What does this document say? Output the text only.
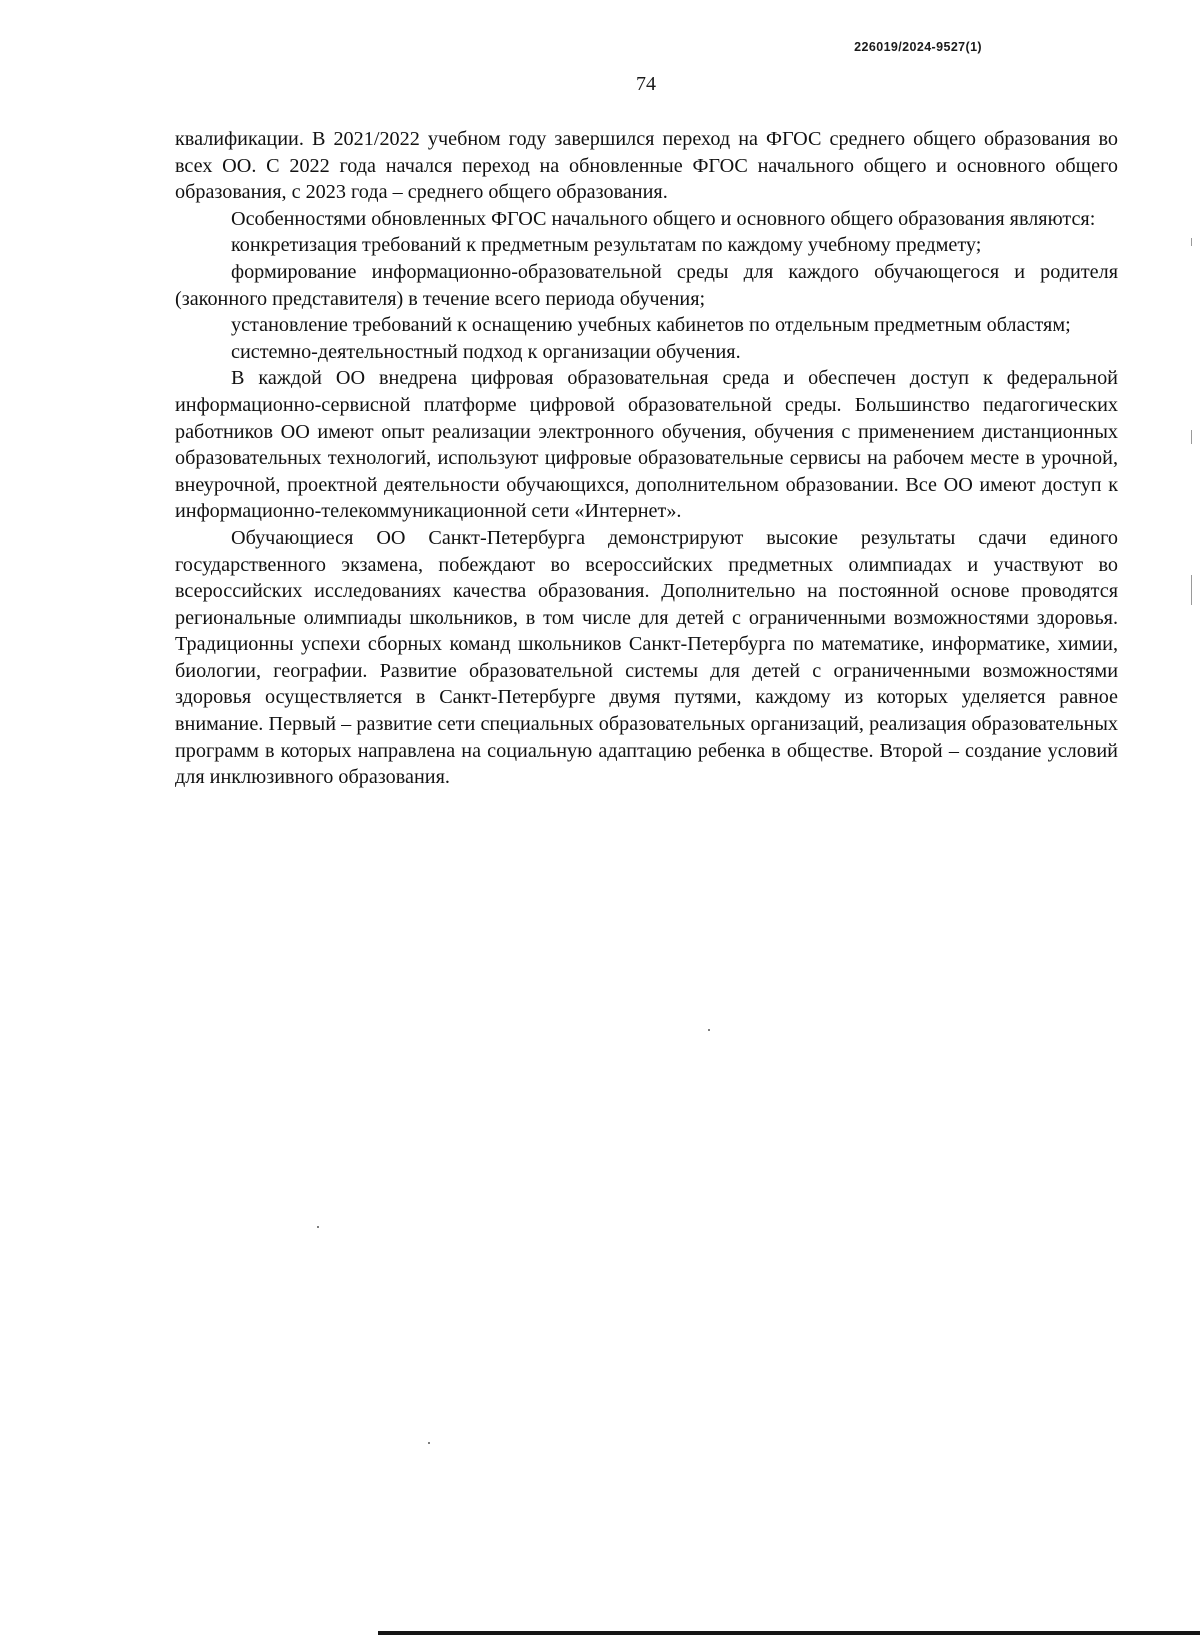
226019/2024-9527(1)
74

квалификации. В 2021/2022 учебном году завершился переход на ФГОС среднего общего образования во всех ОО. С 2022 года начался переход на обновленные ФГОС начального общего и основного общего образования, с 2023 года – среднего общего образования.

Особенностями обновленных ФГОС начального общего и основного общего образования являются:

конкретизация требований к предметным результатам по каждому учебному предмету;

формирование информационно-образовательной среды для каждого обучающегося и родителя (законного представителя) в течение всего периода обучения;

установление требований к оснащению учебных кабинетов по отдельным предметным областям;

системно-деятельностный подход к организации обучения.

В каждой ОО внедрена цифровая образовательная среда и обеспечен доступ к федеральной информационно-сервисной платформе цифровой образовательной среды. Большинство педагогических работников ОО имеют опыт реализации электронного обучения, обучения с применением дистанционных образовательных технологий, используют цифровые образовательные сервисы на рабочем месте в урочной, внеурочной, проектной деятельности обучающихся, дополнительном образовании. Все ОО имеют доступ к информационно-телекоммуникационной сети «Интернет».

Обучающиеся ОО Санкт-Петербурга демонстрируют высокие результаты сдачи единого государственного экзамена, побеждают во всероссийских предметных олимпиадах и участвуют во всероссийских исследованиях качества образования. Дополнительно на постоянной основе проводятся региональные олимпиады школьников, в том числе для детей с ограниченными возможностями здоровья. Традиционны успехи сборных команд школьников Санкт-Петербурга по математике, информатике, химии, биологии, географии. Развитие образовательной системы для детей с ограниченными возможностями здоровья осуществляется в Санкт-Петербурге двумя путями, каждому из которых уделяется равное внимание. Первый – развитие сети специальных образовательных организаций, реализация образовательных программ в которых направлена на социальную адаптацию ребенка в обществе. Второй – создание условий для инклюзивного образования.
